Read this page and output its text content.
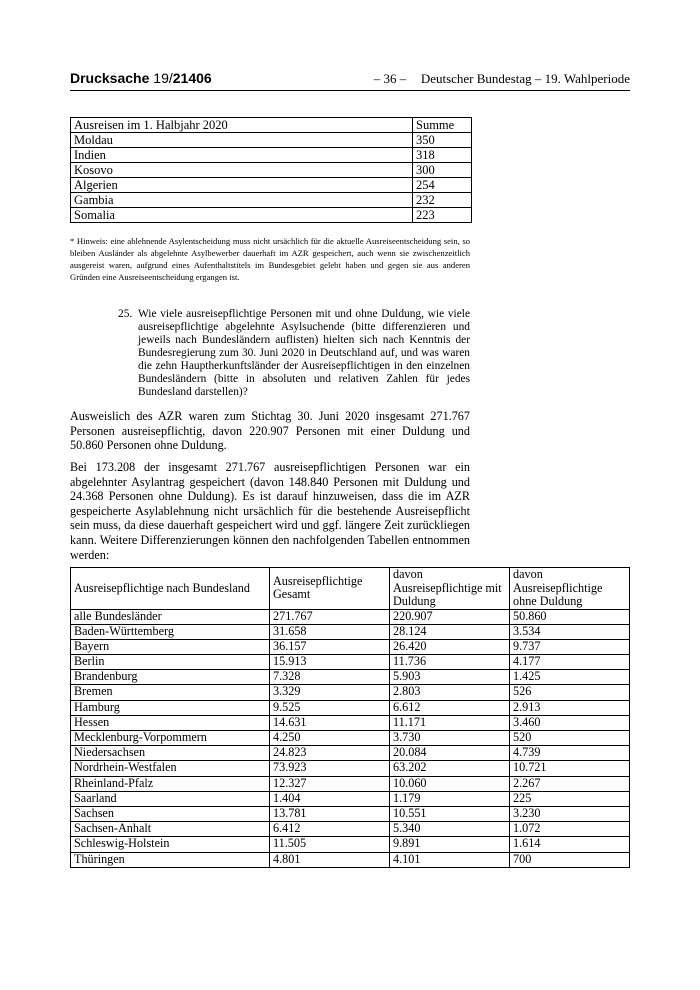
Drucksache 19/21406	– 36 –	Deutscher Bundestag – 19. Wahlperiode
Ausreisen im 1. Halbjahr 2020	Summe
Moldau	350
Indien	318
Kosovo	300
Algerien	254
Gambia	232
Somalia	223
* Hinweis: eine ablehnende Asylentscheidung muss nicht ursächlich für die aktuelle Ausreiseentscheidung sein, so bleiben Ausländer als abgelehnte Asylbewerber dauerhaft im AZR gespeichert, auch wenn sie zwischenzeitlich ausgereist waren, aufgrund eines Aufenthaltstitels im Bundesgebiet gelebt haben und gegen sie aus anderen Gründen eine Ausreiseentscheidung ergangen ist.
25. Wie viele ausreisepflichtige Personen mit und ohne Duldung, wie viele ausreisepflichtige abgelehnte Asylsuchende (bitte differenzieren und jeweils nach Bundesländern auflisten) hielten sich nach Kenntnis der Bundesregierung zum 30. Juni 2020 in Deutschland auf, und was waren die zehn Hauptherkunftsländer der Ausreisepflichtigen in den einzelnen Bundesländern (bitte in absoluten und relativen Zahlen für jedes Bundesland darstellen)?
Ausweislich des AZR waren zum Stichtag 30. Juni 2020 insgesamt 271.767 Personen ausreisepflichtig, davon 220.907 Personen mit einer Duldung und 50.860 Personen ohne Duldung.
Bei 173.208 der insgesamt 271.767 ausreisepflichtigen Personen war ein abgelehnter Asylantrag gespeichert (davon 148.840 Personen mit Duldung und 24.368 Personen ohne Duldung). Es ist darauf hinzuweisen, dass die im AZR gespeicherte Asylablehnung nicht ursächlich für die bestehende Ausreisepflicht sein muss, da diese dauerhaft gespeichert wird und ggf. längere Zeit zurückliegen kann. Weitere Differenzierungen können den nachfolgenden Tabellen entnommen werden:
Ausreisepflichtige nach Bundesland	Ausreisepflichtige Gesamt	davon Ausreisepflichtige mit Duldung	davon Ausreisepflichtige ohne Duldung
alle Bundesländer	271.767	220.907	50.860
Baden-Württemberg	31.658	28.124	3.534
Bayern	36.157	26.420	9.737
Berlin	15.913	11.736	4.177
Brandenburg	7.328	5.903	1.425
Bremen	3.329	2.803	526
Hamburg	9.525	6.612	2.913
Hessen	14.631	11.171	3.460
Mecklenburg-Vorpommern	4.250	3.730	520
Niedersachsen	24.823	20.084	4.739
Nordrhein-Westfalen	73.923	63.202	10.721
Rheinland-Pfalz	12.327	10.060	2.267
Saarland	1.404	1.179	225
Sachsen	13.781	10.551	3.230
Sachsen-Anhalt	6.412	5.340	1.072
Schleswig-Holstein	11.505	9.891	1.614
Thüringen	4.801	4.101	700
